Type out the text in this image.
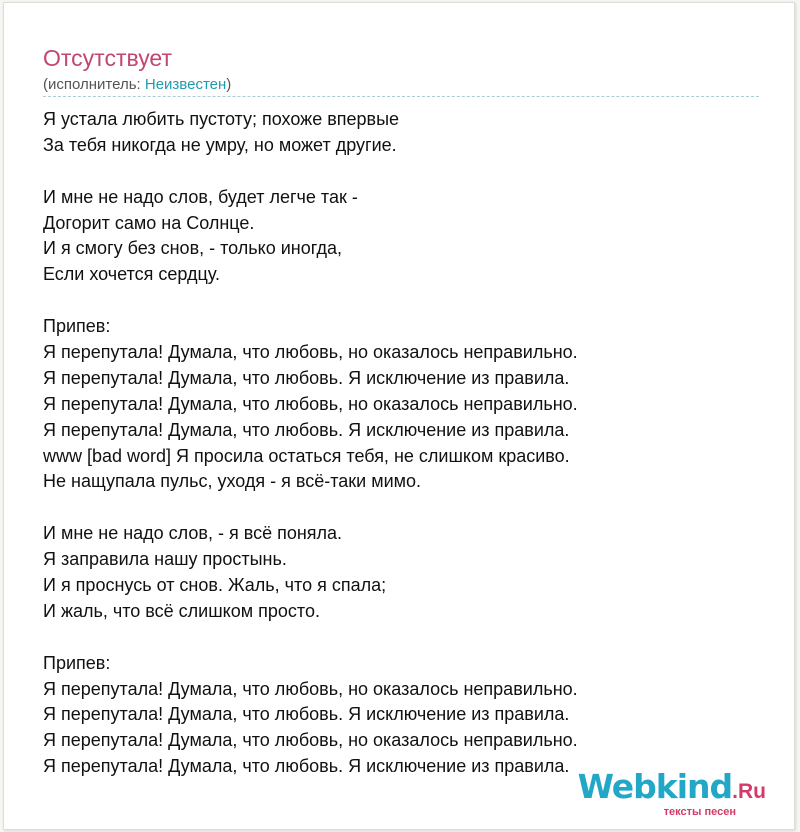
Отсутствует
(исполнитель: Неизвестен)
Я устала любить пустоту; похоже впервые
За тебя никогда не умру, но может другие.
И мне не надо слов, будет легче так -
Догорит само на Солнце.
И я смогу без снов, - только иногда,
Если хочется сердцу.
Припев:
Я перепутала! Думала, что любовь, но оказалось неправильно.
Я перепутала! Думала, что любовь. Я исключение из правила.
Я перепутала! Думала, что любовь, но оказалось неправильно.
Я перепутала! Думала, что любовь. Я исключение из правила.
www [bad word] Я просила остаться тебя, не слишком красиво.
Не нащупала пульс, уходя - я всё-таки мимо.
И мне не надо слов, - я всё поняла.
Я заправила нашу простынь.
И я проснусь от снов. Жаль, что я спала;
И жаль, что всё слишком просто.
Припев:
Я перепутала! Думала, что любовь, но оказалось неправильно.
Я перепутала! Думала, что любовь. Я исключение из правила.
Я перепутала! Думала, что любовь, но оказалось неправильно.
Я перепутала! Думала, что любовь. Я исключение из правила.
Webkind.Ru
тексты песен
